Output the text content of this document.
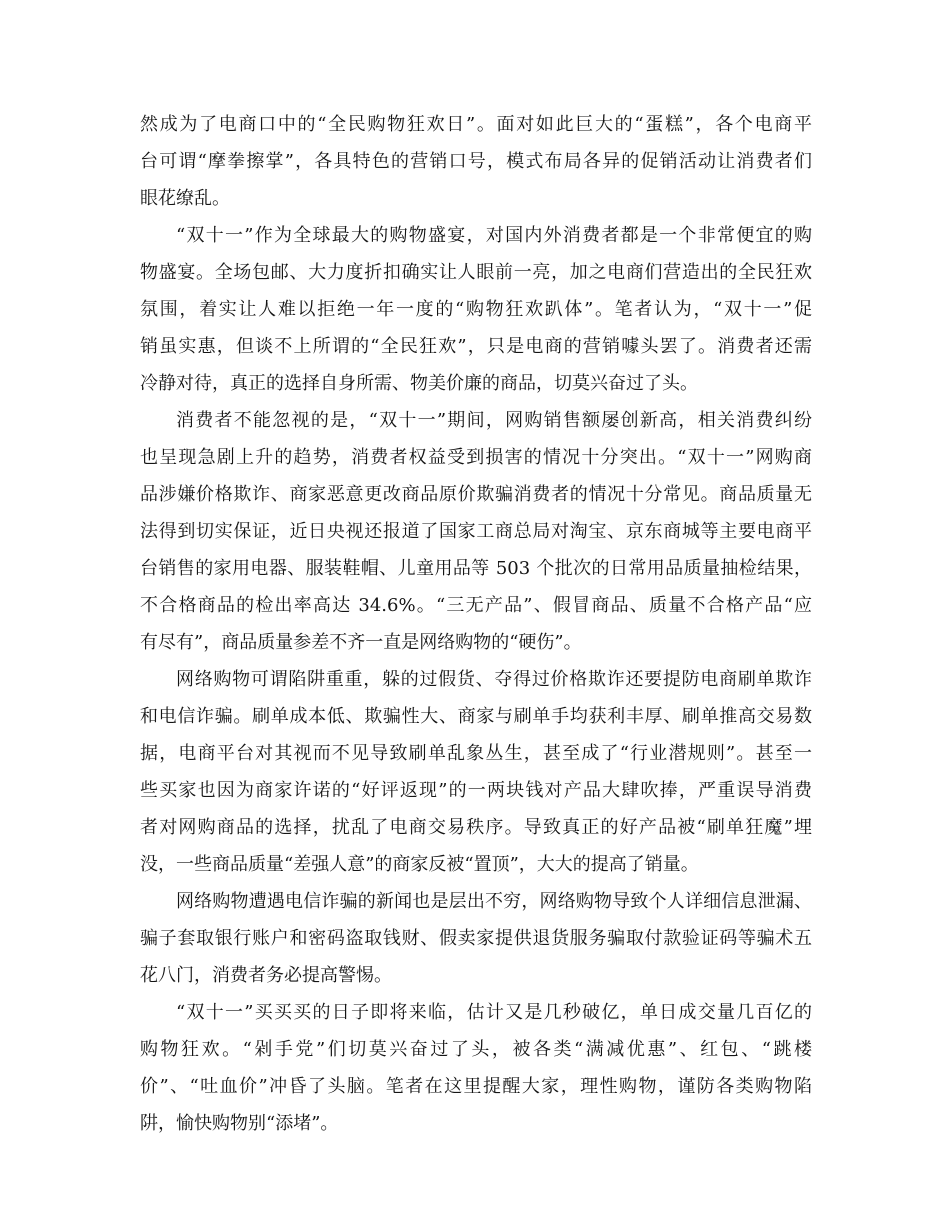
然成为了电商口中的“全民购物狂欢日”。面对如此巨大的“蛋糕”，各个电商平
台可谓“摩拳擦掌”，各具特色的营销口号，模式布局各异的促销活动让消费者们
眼花缭乱。
“双十一”作为全球最大的购物盛宴，对国内外消费者都是一个非常便宜的购
物盛宴。全场包邮、大力度折扣确实让人眼前一亮，加之电商们营造出的全民狂欢
氛围，着实让人难以拒绝一年一度的“购物狂欢趴体”。笔者认为，“双十一”促
销虽实惠，但谈不上所谓的“全民狂欢”，只是电商的营销噱头罢了。消费者还需
冷静对待，真正的选择自身所需、物美价廉的商品，切莫兴奋过了头。
消费者不能忽视的是，“双十一”期间，网购销售额屡创新高，相关消费纠纷
也呈现急剧上升的趋势，消费者权益受到损害的情况十分突出。“双十一”网购商
品涉嫌价格欺诈、商家恶意更改商品原价欺骗消费者的情况十分常见。商品质量无
法得到切实保证，近日央视还报道了国家工商总局对淘宝、京东商城等主要电商平
台销售的家用电器、服装鞋帽、儿童用品等 503 个批次的日常用品质量抽检结果，
不合格商品的检出率高达 34.6%。“三无产品”、假冒商品、质量不合格产品“应
有尽有”，商品质量参差不齐一直是网络购物的“硬伤”。
网络购物可谓陷阱重重，躲的过假货、夺得过价格欺诈还要提防电商刷单欺诈
和电信诈骗。刷单成本低、欺骗性大、商家与刷单手均获利丰厚、刷单推高交易数
据，电商平台对其视而不见导致刷单乱象丛生，甚至成了“行业潜规则”。甚至一
些买家也因为商家许诺的“好评返现”的一两块钱对产品大肆吹捧，严重误导消费
者对网购商品的选择，扰乱了电商交易秩序。导致真正的好产品被“刷单狂魔”埋
没，一些商品质量“差强人意”的商家反被“置顶”，大大的提高了销量。
网络购物遭遇电信诈骗的新闻也是层出不穷，网络购物导致个人详细信息泄漏、
骗子套取银行账户和密码盗取钱财、假卖家提供退货服务骗取付款验证码等骗术五
花八门，消费者务必提高警惕。
“双十一”买买买的日子即将来临，估计又是几秒破亿，单日成交量几百亿的
购物狂欢。“剁手党”们切莫兴奋过了头，被各类“满减优惠”、红包、“跳楼
价”、“吐血价”冲昏了头脑。笔者在这里提醒大家，理性购物，谨防各类购物陷
阱，愉快购物别“添堵”。
